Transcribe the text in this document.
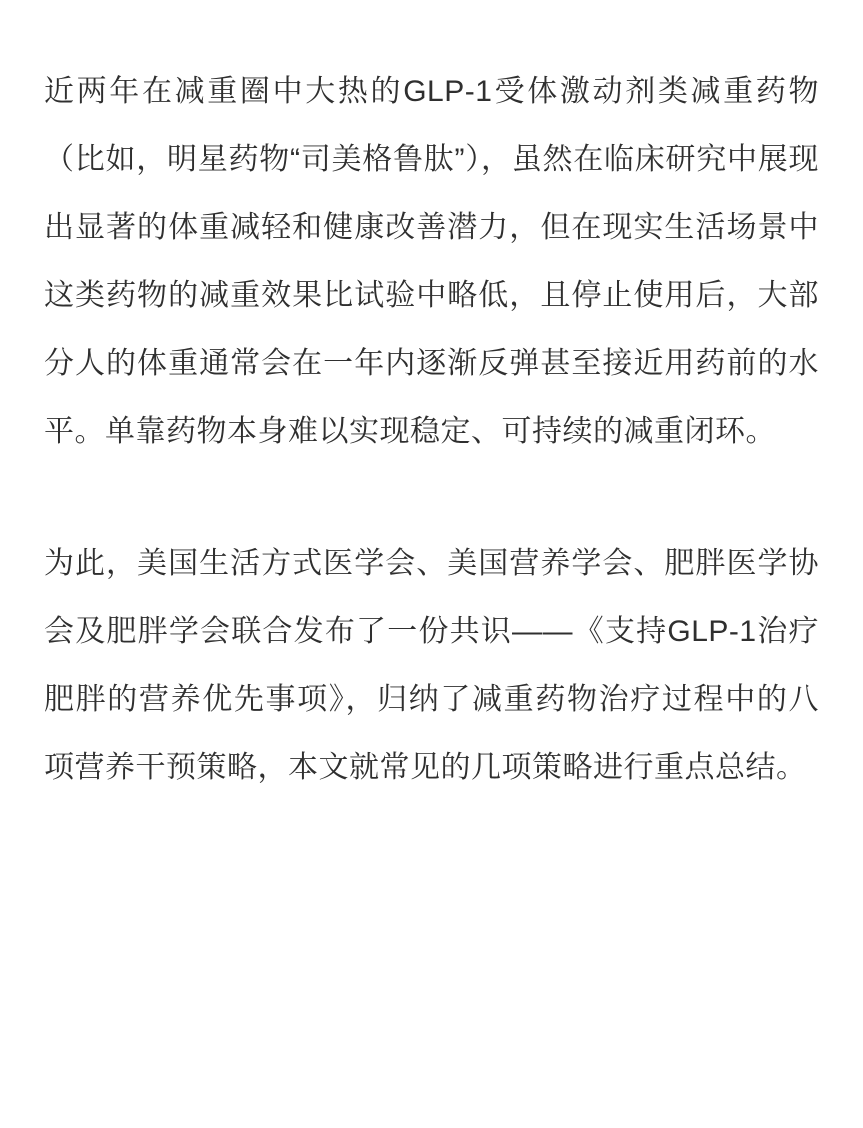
近两年在减重圈中大热的GLP-1受体激动剂类减重药物（比如，明星药物“司美格鲁肽”），虽然在临床研究中展现出显著的体重减轻和健康改善潜力，但在现实生活场景中这类药物的减重效果比试验中略低，且停止使用后，大部分人的体重通常会在一年内逐渐反弹甚至接近用药前的水平。单靠药物本身难以实现稳定、可持续的减重闭环。

为此，美国生活方式医学会、美国营养学会、肥胖医学协会及肥胖学会联合发布了一份共识——《支持GLP-1治疗肥胖的营养优先事项》，归纳了减重药物治疗过程中的八项营养干预策略，本文就常见的几项策略进行重点总结。
